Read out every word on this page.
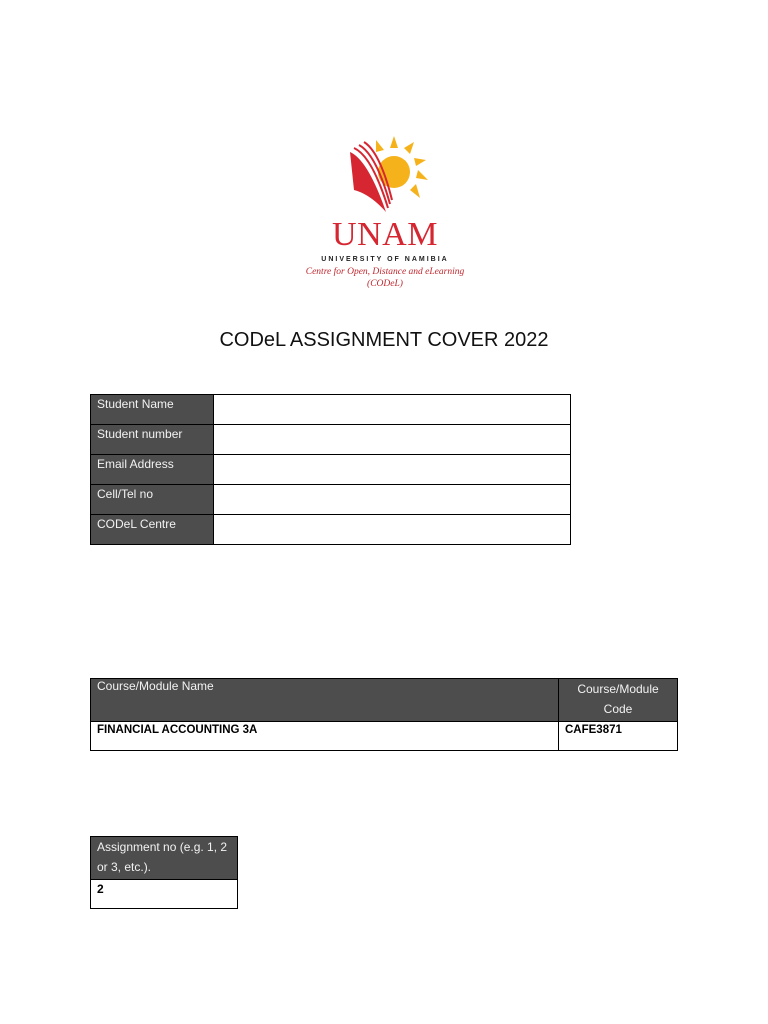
UNAM
UNIVERSITY OF NAMIBIA
Centre for Open, Distance and eLearning
(CODeL)
CODeL ASSIGNMENT COVER 2022
Student Name	
Student number	
Email Address	
Cell/Tel no	
CODeL Centre	
Course/Module Name	Course/Module Code
FINANCIAL ACCOUNTING 3A	CAFE3871
Assignment no (e.g. 1, 2 or 3, etc.).
2
